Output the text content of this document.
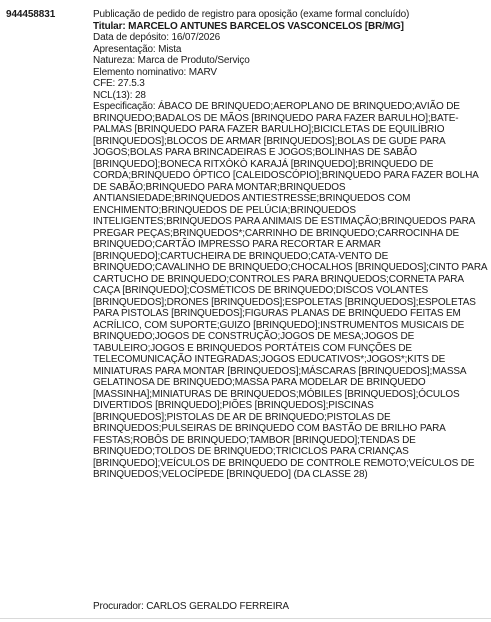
944458831	Publicação de pedido de registro para oposição (exame formal concluído)
Titular: MARCELO ANTUNES BARCELOS VASCONCELOS [BR/MG]
Data de depósito: 16/07/2026
Apresentação: Mista
Natureza: Marca de Produto/Serviço
Elemento nominativo: MARV
CFE: 27.5.3
NCL(13): 28
Especificação: ÁBACO DE BRINQUEDO;AEROPLANO DE BRINQUEDO;AVIÃO DE BRINQUEDO;BADALOS DE MÃOS [BRINQUEDO PARA FAZER BARULHO];BATE-PALMAS [BRINQUEDO PARA FAZER BARULHO];BICICLETAS DE EQUILÍBRIO [BRINQUEDOS];BLOCOS DE ARMAR [BRINQUEDOS];BOLAS DE GUDE PARA JOGOS;BOLAS PARA BRINCADEIRAS E JOGOS;BOLINHAS DE SABÃO [BRINQUEDO];BONECA RITXÒKÒ KARAJÁ [BRINQUEDO];BRINQUEDO DE CORDA;BRINQUEDO ÓPTICO [CALEIDOSCÓPIO];BRINQUEDO PARA FAZER BOLHA DE SABÃO;BRINQUEDO PARA MONTAR;BRINQUEDOS ANTIANSIEDADE;BRINQUEDOS ANTIESTRESSE;BRINQUEDOS COM ENCHIMENTO;BRINQUEDOS DE PELÚCIA;BRINQUEDOS INTELIGENTES;BRINQUEDOS PARA ANIMAIS DE ESTIMAÇÃO;BRINQUEDOS PARA PREGAR PEÇAS;BRINQUEDOS*;CARRINHO DE BRINQUEDO;CARROCINHA DE BRINQUEDO;CARTÃO IMPRESSO PARA RECORTAR E ARMAR [BRINQUEDO];CARTUCHEIRA DE BRINQUEDO;CATA-VENTO DE BRINQUEDO;CAVALINHO DE BRINQUEDO;CHOCALHOS [BRINQUEDOS];CINTO PARA CARTUCHO DE BRINQUEDO;CONTROLES PARA BRINQUEDOS;CORNETA PARA CAÇA [BRINQUEDO];COSMÉTICOS DE BRINQUEDO;DISCOS VOLANTES [BRINQUEDOS];DRONES [BRINQUEDOS];ESPOLETAS [BRINQUEDOS];ESPOLETAS PARA PISTOLAS [BRINQUEDOS];FIGURAS PLANAS DE BRINQUEDO FEITAS EM ACRÍLICO, COM SUPORTE;GUIZO [BRINQUEDO];INSTRUMENTOS MUSICAIS DE BRINQUEDO;JOGOS DE CONSTRUÇÃO;JOGOS DE MESA;JOGOS DE TABULEIRO;JOGOS E BRINQUEDOS PORTÁTEIS COM FUNÇÕES DE TELECOMUNICAÇÃO INTEGRADAS;JOGOS EDUCATIVOS*;JOGOS*;KITS DE MINIATURAS PARA MONTAR [BRINQUEDOS];MÁSCARAS [BRINQUEDOS];MASSA GELATINOSA DE BRINQUEDO;MASSA PARA MODELAR DE BRINQUEDO [MASSINHA];MINIATURAS DE BRINQUEDOS;MÓBILES [BRINQUEDOS];ÓCULOS DIVERTIDOS [BRINQUEDO];PIÕES [BRINQUEDOS];PISCINAS [BRINQUEDOS];PISTOLAS DE AR DE BRINQUEDO;PISTOLAS DE BRINQUEDOS;PULSEIRAS DE BRINQUEDO COM BASTÃO DE BRILHO PARA FESTAS;ROBÔS DE BRINQUEDO;TAMBOR [BRINQUEDO];TENDAS DE BRINQUEDO;TOLDOS DE BRINQUEDO;TRICICLOS PARA CRIANÇAS [BRINQUEDO];VEÍCULOS DE BRINQUEDO DE CONTROLE REMOTO;VEÍCULOS DE BRINQUEDOS;VELOCÍPEDE [BRINQUEDO] (DA CLASSE 28)
Procurador: CARLOS GERALDO FERREIRA
